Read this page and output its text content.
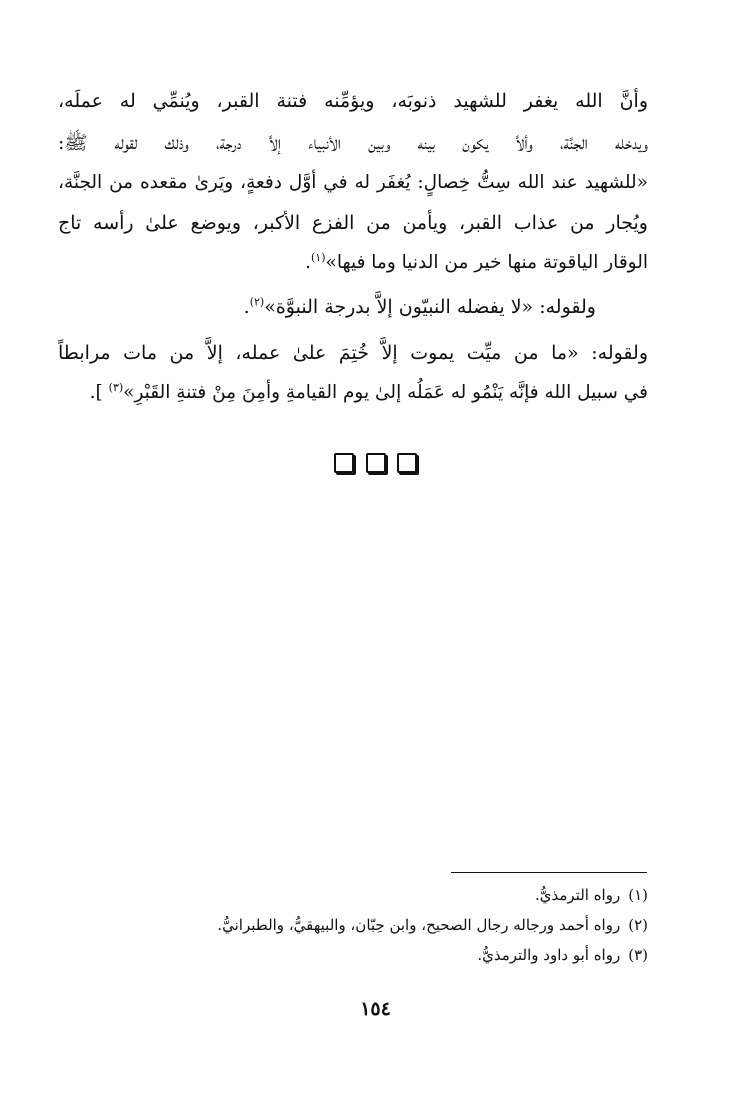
وأنَّ الله يغفر للشهيد ذنوبَه، ويؤمِّنه فتنة القبر، ويُنمِّي له عملَه،
ويدخله الجنَّة، وألاَّ يكون بينه وبين الأنبياء إلاَّ درجة، وذلك لقوله ﷺ:
«للشهيد عند الله سِتُّ خِصالٍ: يُغفَر له في أوَّل دفعةٍ، ويَرىٰ مقعده من الجنَّة،
ويُجار من عذاب القبر، ويأمن من الفزع الأكبر، ويوضع علىٰ رأسه تاج
الوقار الياقوتة منها خير من الدنيا وما فيها»$^{(١)}$.
ولقوله: «لا يفضله النبيّون إلاَّ بدرجة النبوَّة»$^{(٢)}$.
ولقوله: «ما من ميِّت يموت إلاَّ خُتِمَ علىٰ عمله، إلاَّ من مات مرابطاً
في سبيل الله فإنَّه يَنْمُو له عَمَلُه إلىٰ يوم القيامةِ وأمِنَ مِنْ فتنةِ القَبْرِ»$^{(٣)}$ ].

(١)رواه الترمذيُّ.
(٢)رواه أحمد ورجاله رجال الصحيح، وابن حِبّان، والبيهقيُّ، والطبرانيُّ.
(٣)رواه أبو داود والترمذيُّ.
١٥٤
